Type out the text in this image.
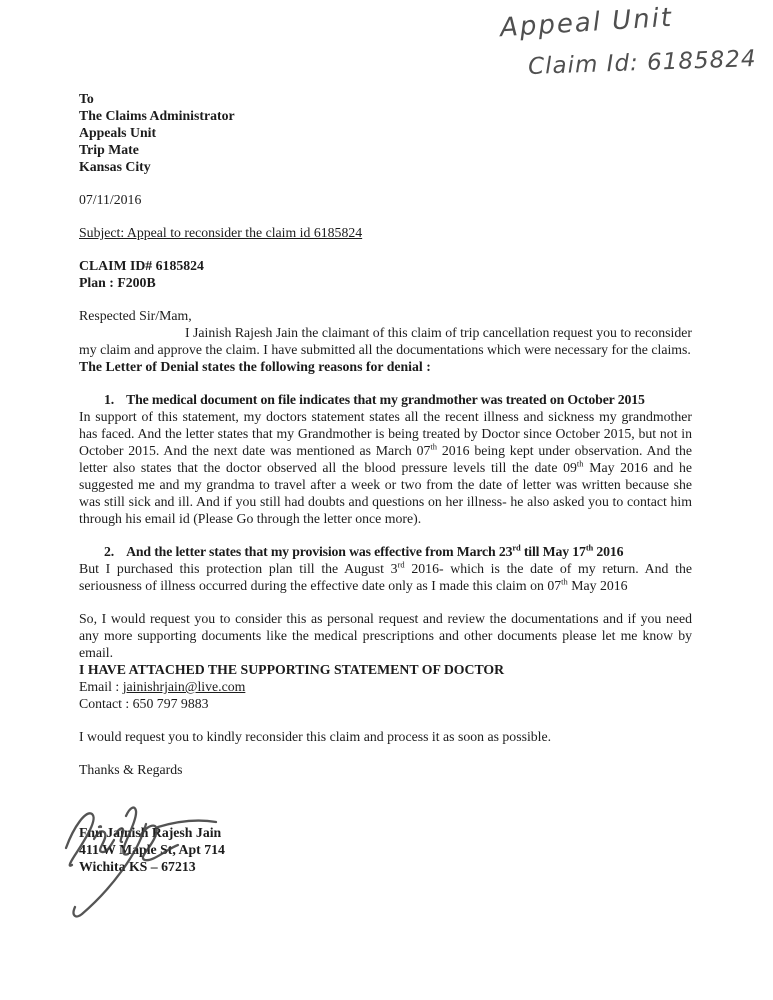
Appeal Unit
Claim Id: 6185824
To
The Claims Administrator
Appeals Unit
Trip Mate
Kansas City
07/11/2016
Subject: Appeal to reconsider the claim id 6185824
CLAIM ID# 6185824
Plan : F200B
Respected Sir/Mam,
I Jainish Rajesh Jain the claimant of this claim of trip cancellation request you to reconsider my claim and approve the claim. I have submitted all the documentations which were necessary for the claims.
The Letter of Denial states the following reasons for denial :
1. The medical document on file indicates that my grandmother was treated on October 2015
In support of this statement, my doctors statement states all the recent illness and sickness my grandmother has faced. And the letter states that my Grandmother is being treated by Doctor since October 2015, but not in October 2015. And the next date was mentioned as March 07th 2016 being kept under observation. And the letter also states that the doctor observed all the blood pressure levels till the date 09th May 2016 and he suggested me and my grandma to travel after a week or two from the date of letter was written because she was still sick and ill. And if you still had doubts and questions on her illness- he also asked you to contact him through his email id (Please Go through the letter once more).
2. And the letter states that my provision was effective from March 23rd till May 17th 2016
But I purchased this protection plan till the August 3rd 2016- which is the date of my return. And the seriousness of illness occurred during the effective date only as I made this claim on 07th May 2016
So, I would request you to consider this as personal request and review the documentations and if you need any more supporting documents like the medical prescriptions and other documents please let me know by email.
I HAVE ATTACHED THE SUPPORTING STATEMENT OF DOCTOR
Email : jainishrjain@live.com
Contact : 650 797 9883
I would request you to kindly reconsider this claim and process it as soon as possible.
Thanks & Regards
Fnu Jainish Rajesh Jain
411 W Maple St, Apt 714
Wichita KS – 67213
